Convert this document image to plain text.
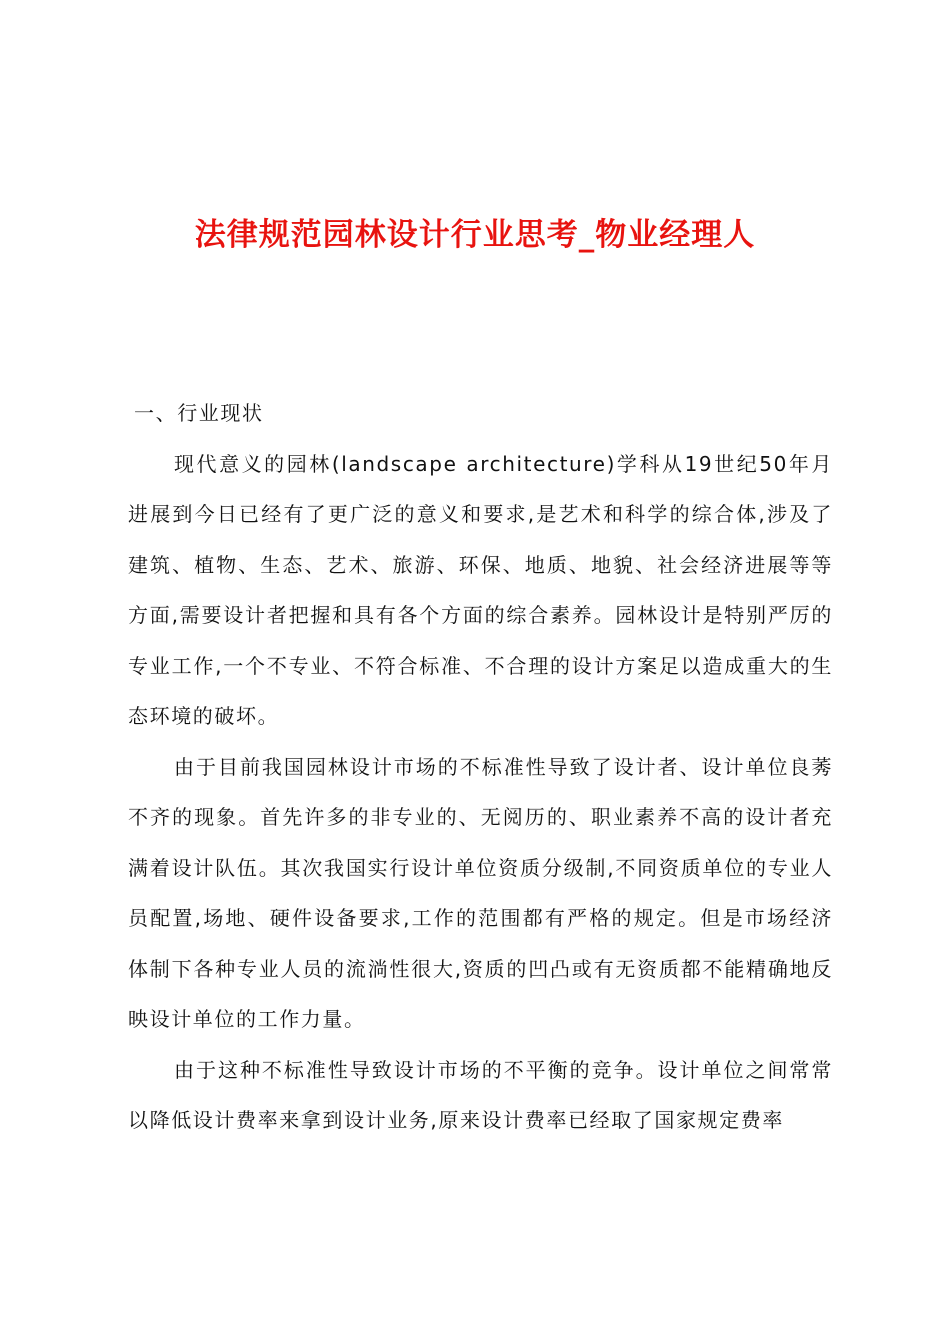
法律规范园林设计行业思考_物业经理人

一、行业现状

现代意义的园林(landscape architecture)学科从19世纪50年月进展到今日已经有了更广泛的意义和要求,是艺术和科学的综合体,涉及了建筑、植物、生态、艺术、旅游、环保、地质、地貌、社会经济进展等等方面,需要设计者把握和具有各个方面的综合素养。园林设计是特别严厉的专业工作,一个不专业、不符合标准、不合理的设计方案足以造成重大的生态环境的破坏。

由于目前我国园林设计市场的不标准性导致了设计者、设计单位良莠不齐的现象。首先许多的非专业的、无阅历的、职业素养不高的设计者充满着设计队伍。其次我国实行设计单位资质分级制,不同资质单位的专业人员配置,场地、硬件设备要求,工作的范围都有严格的规定。但是市场经济体制下各种专业人员的流淌性很大,资质的凹凸或有无资质都不能精确地反映设计单位的工作力量。

由于这种不标准性导致设计市场的不平衡的竞争。设计单位之间常常以降低设计费率来拿到设计业务,原来设计费率已经取了国家规定费率
